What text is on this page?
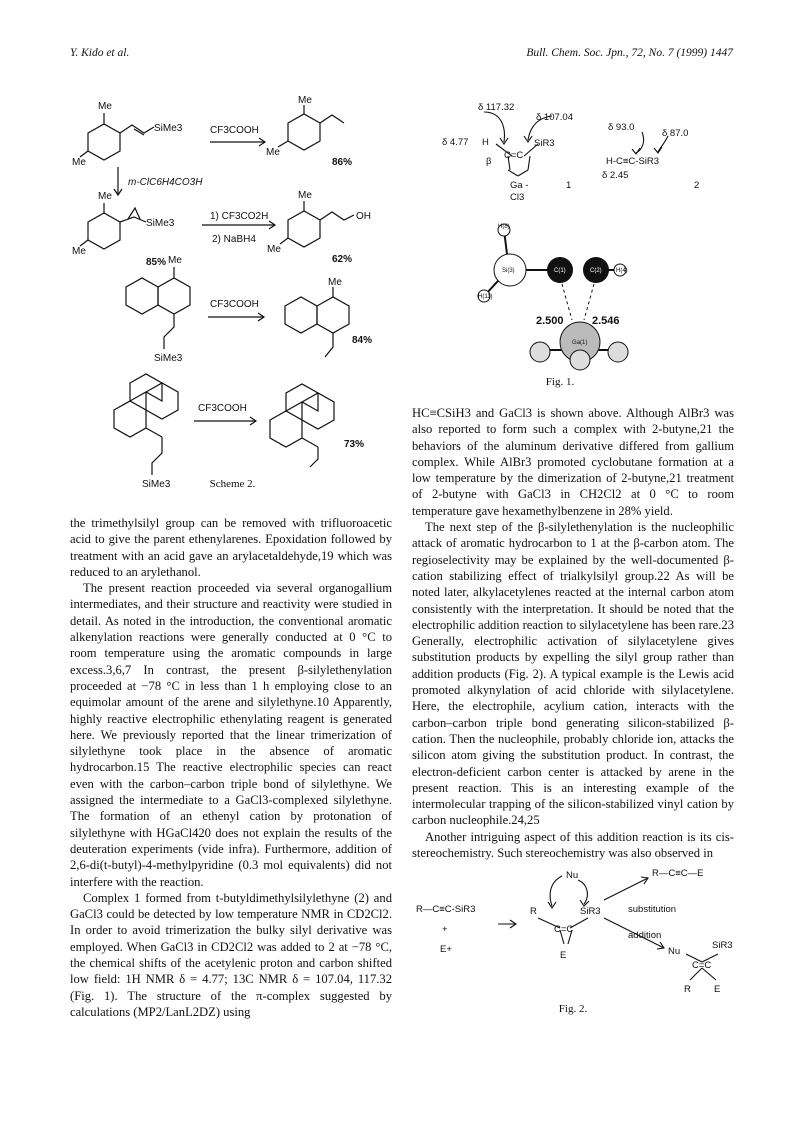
Y. Kido et al.	Bull. Chem. Soc. Jpn., 72, No. 7 (1999) 1447
Me
Me
SiMe3	CF3COOH
Me
Me
86%
m-ClC6H4CO3H
Me
Me
SiMe3
85%
1) CF3CO2H
2) NaBH4
Me
Me
OH
62%
Me
SiMe3
CF3COOH
Me
84%
SiMe3
CF3COOH
73%
Scheme 2.
δ 117.32
δ 107.04
δ 4.77 H	SiR3
β
C=C
Ga -
Cl3
1
δ 93.0
δ 87.0
H-C≡C-SiR3
δ 2.45
2
H(8)
Si(3)
H(11)
C(1)	C(2) H(4)
Ga(1)
2.500	2.546
Fig. 1.

the trimethylsilyl group can be removed with trifluoroacetic acid to give the parent ethenylarenes. Epoxidation followed by treatment with an acid gave an arylacetaldehyde,19 which was reduced to an arylethanol.

The present reaction proceeded via several organogallium intermediates, and their structure and reactivity were studied in detail. As noted in the introduction, the conventional aromatic alkenylation reactions were generally conducted at 0 °C to room temperature using the aromatic compounds in large excess.3,6,7 In contrast, the present β-silylethenylation proceeded at −78 °C in less than 1 h employing close to an equimolar amount of the arene and silylethyne.10 Apparently, highly reactive electrophilic ethenylating reagent is generated here. We previously reported that the linear trimerization of silylethyne took place in the absence of aromatic hydrocarbon.15 The reactive electrophilic species can react even with the carbon–carbon triple bond of silylethyne. We assigned the intermediate to a GaCl3-complexed silylethyne. The formation of an ethenyl cation by protonation of silylethyne with HGaCl420 does not explain the results of the deuteration experiments (vide infra). Furthermore, addition of 2,6-di(t-butyl)-4-methylpyridine (0.3 mol equivalents) did not interfere with the reaction.

Complex 1 formed from t-butyldimethylsilylethyne (2) and GaCl3 could be detected by low temperature NMR in CD2Cl2. In order to avoid trimerization the bulky silyl derivative was employed. When GaCl3 in CD2Cl2 was added to 2 at −78 °C, the chemical shifts of the acetylenic proton and carbon shifted low field: 1H NMR δ = 4.77; 13C NMR δ = 107.04, 117.32 (Fig. 1). The structure of the π-complex suggested by calculations (MP2/LanL2DZ) using

HC≡CSiH3 and GaCl3 is shown above. Although AlBr3 was also reported to form such a complex with 2-butyne,21 the behaviors of the aluminum derivative differed from gallium complex. While AlBr3 promoted cyclobutane formation at a low temperature by the dimerization of 2-butyne,21 treatment of 2-butyne with GaCl3 in CH2Cl2 at 0 °C to room temperature gave hexamethylbenzene in 28% yield.

The next step of the β-silylethenylation is the nucleophilic attack of aromatic hydrocarbon to 1 at the β-carbon atom. The regioselectivity may be explained by the well-documented β-cation stabilizing effect of trialkylsilyl group.22 As will be noted later, alkylacetylenes reacted at the internal carbon atom consistently with the interpretation. It should be noted that the electrophilic addition reaction to silylacetylene has been rare.23 Generally, electrophilic activation of silylacetylene gives substitution products by expelling the silyl group rather than addition products (Fig. 2). A typical example is the Lewis acid promoted alkynylation of acid chloride with silylacetylene. Here, the electrophile, acylium cation, interacts with the carbon–carbon triple bond generating silicon-stabilized β-cation. Then the nucleophile, probably chloride ion, attacks the silicon atom giving the substitution product. In contrast, the electron-deficient carbon center is attacked by arene in the present reaction. This is an interesting example of the intermolecular trapping of the silicon-stabilized vinyl cation by carbon nucleophile.24,25

Another intriguing aspect of this addition reaction is its cis-stereochemistry. Such stereochemistry was also observed in

R—C≡C-SiR3
+
E+
Nu
R	SiR3
C=C
E
R—C≡C—E
substitution
addition
Nu
SiR3
C=C
R E
Fig. 2.
